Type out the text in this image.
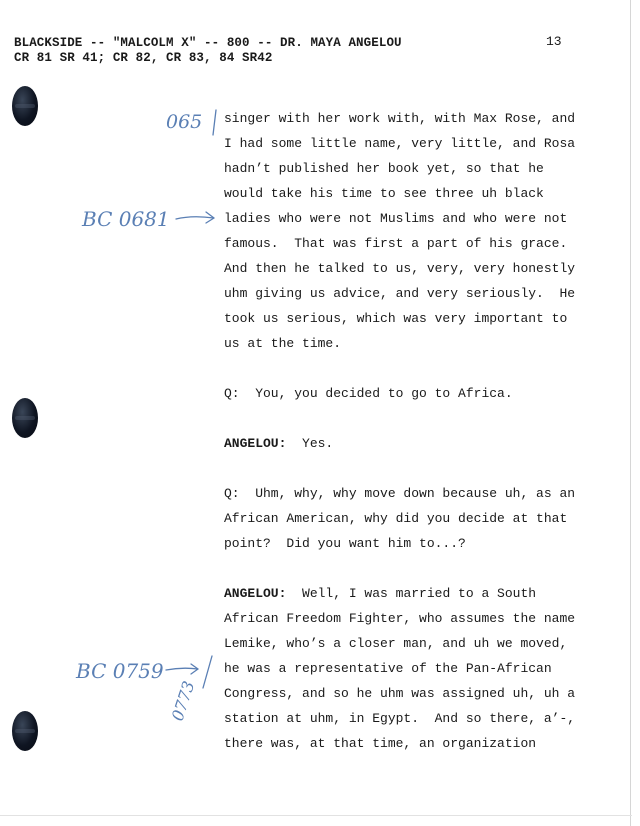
BLACKSIDE -- "MALCOLM X" -- 800 -- DR. MAYA ANGELOU
CR 81 SR 41; CR 82, CR 83, 84 SR42
13
065
BC 0681
BC 0759
0773
singer with her work with, with Max Rose, and
I had some little name, very little, and Rosa
hadn’t published her book yet, so that he
would take his time to see three uh black
ladies who were not Muslims and who were not
famous.  That was first a part of his grace.
And then he talked to us, very, very honestly
uhm giving us advice, and very seriously.  He
took us serious, which was very important to
us at the time.
Q:  You, you decided to go to Africa.
ANGELOU:  Yes.
Q:  Uhm, why, why move down because uh, as an
African American, why did you decide at that
point?  Did you want him to...?
ANGELOU:  Well, I was married to a South
African Freedom Fighter, who assumes the name
Lemike, who’s a closer man, and uh we moved,
he was a representative of the Pan-African
Congress, and so he uhm was assigned uh, uh a
station at uhm, in Egypt.  And so there, a’-,
there was, at that time, an organization
